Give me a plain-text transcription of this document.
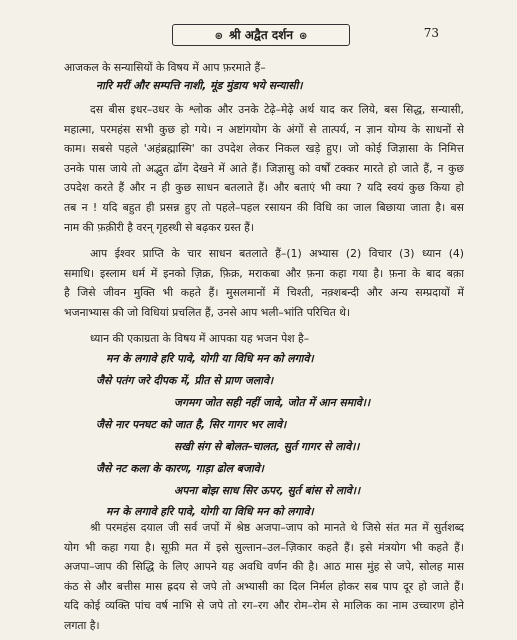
⊛ श्री अद्वैत दर्शन ⊛	73
आजकल के सन्यासियों के विषय में आप फ़रमाते हैं–
नारि मरीं और सम्पत्ति नाशी, मूंड मुंडाय भये सन्यासी।
दस बीस इधर–उधर के श्लोक और उनके टेढ़े–मेढ़े अर्थ याद कर लिये, बस सिद्ध, सन्यासी,
महात्मा, परमहंस सभी कुछ हो गये। न अष्टांगयोग के अंगों से तात्पर्य, न ज्ञान योग्य के साधनों से
काम। सबसे पहले 'अहंब्रह्मास्मि' का उपदेश लेकर निकल खड़े हुए। जो कोई जिज्ञासा के निमित्त
उनके पास जाये तो अद्भुत ढोंग देखने में आते हैं। जिज्ञासु को वर्षों टक्कर मारते हो जाते हैं, न कुछ
उपदेश करते हैं और न ही कुछ साधन बतलाते हैं। और बताएं भी क्या ? यदि स्वयं कुछ किया हो
तब न ! यदि बहुत ही प्रसन्न हुए तो पहले–पहल रसायन की विधि का जाल बिछाया जाता है। बस
नाम की फ़क़ीरी है वरन् गृहस्थी से बढ़कर ग्रस्त हैं।
आप ईश्वर प्राप्ति के चार साधन बतलाते हैं–(1) अभ्यास (2) विचार (3) ध्यान (4)
समाधि। इस्लाम धर्म में इनको ज़िक्र, फ़िक्र, मराकबा और फ़ना कहा गया है। फ़ना के बाद बक़ा
है जिसे जीवन मुक्ति भी कहते हैं। मुसलमानों में चिश्ती, नक़्शबन्दी और अन्य सम्प्रदायों में
भजनाभ्यास की जो विधियां प्रचलित हैं, उनसे आप भली–भांति परिचित थे।
ध्यान की एकाग्रता के विषय में आपका यह भजन पेश है–
मन के लगावे हरि पावे, योगी या विधि मन को लगावे।
जैसे पतंग जरे दीपक में, प्रीत से प्राण जलावे।
जगमग जोत सही नहीं जावे, जोत में आन समावे।।
जैसे नार पनघट को जात है, सिर गागर भर लावे।
सखी संग से बोलत–चालत, सुर्त गागर से लावे।।
जैसे नट कला के कारण, गाड़ा ढोल बजावे।
अपना बोझ साध सिर ऊपर, सुर्त बांस से लावे।।
मन के लगावे हरि पावे, योगी या विधि मन को लगावे।
श्री परमहंस दयाल जी सर्व जपों में श्रेष्ठ अजपा–जाप को मानते थे जिसे संत मत में सुर्तशब्द
योग भी कहा गया है। सूफ़ी मत में इसे सुल्तान–उल–ज़िकार कहते हैं। इसे मंत्रयोग भी कहते हैं।
अजपा–जाप की सिद्धि के लिए आपने यह अवधि वर्णन की है। आठ मास मुंह से जपे, सोलह मास
कंठ से और बत्तीस मास ह्रदय से जपे तो अभ्यासी का दिल निर्मल होकर सब पाप दूर हो जाते हैं।
यदि कोई व्यक्ति पांच वर्ष नाभि से जपे तो रग–रग और रोम–रोम से मालिक का नाम उच्चारण होने
लगता है।
